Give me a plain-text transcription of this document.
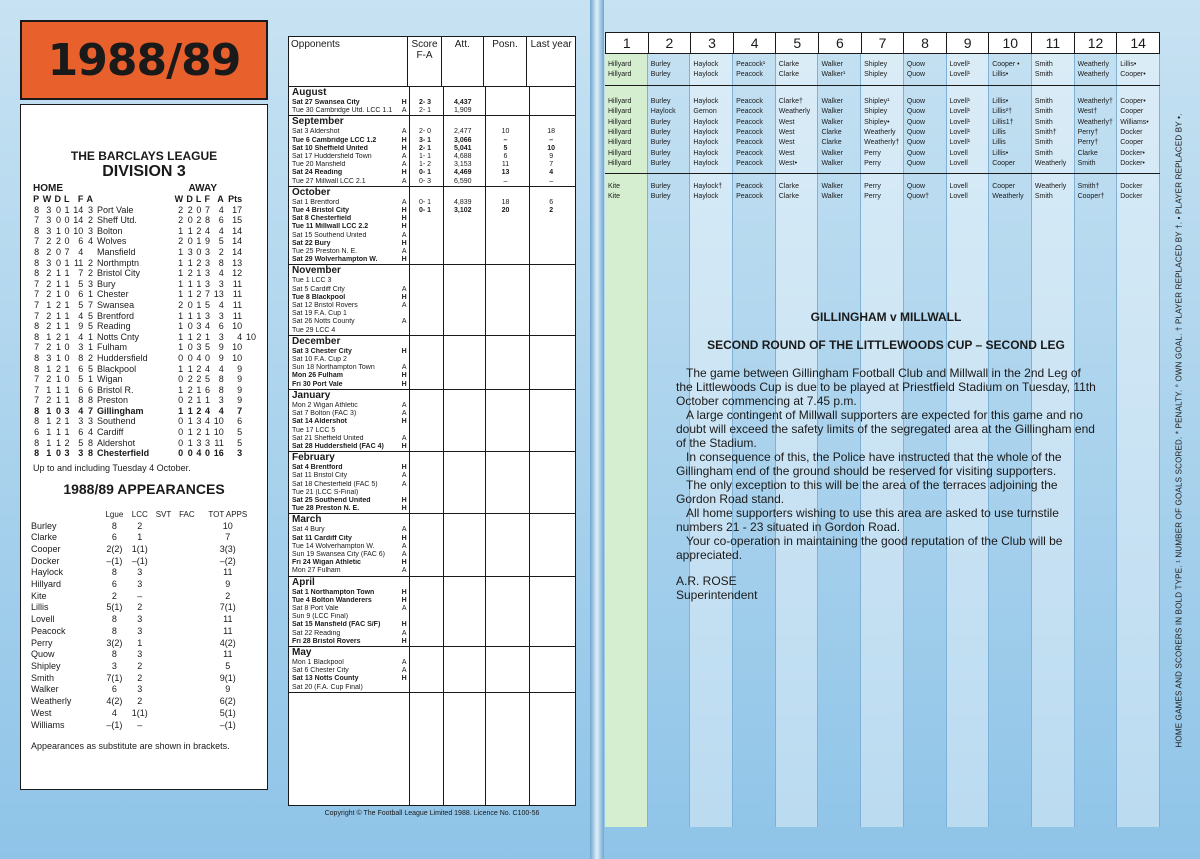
1988/89
THE BARCLAYS LEAGUE
DIVISION 3
HOME	AWAY
P	W	D	L	F	A		W	D	L	F	A	Pts	
8	3	0	1	14	3	Port Vale	2	2	0	7	4	17	
7	3	0	0	14	2	Sheff Utd.	2	0	2	8	6	15	
8	3	1	0	10	3	Bolton	1	1	2	4	4	14	
7	2	2	0	6	4	Wolves	2	0	1	9	5	14	
8	2	0	7	4		Mansfield	1	3	0	3	2	14	
8	3	0	1	11	2	Northmptn	1	1	2	3	8	13	
8	2	1	1	7	2	Bristol City	1	2	1	3	4	12	
7	2	1	1	5	3	Bury	1	1	1	3	3	11	
7	2	1	0	6	1	Chester	1	1	2	7	13	11	
7	1	2	1	5	7	Swansea	2	0	1	5	4	11	
7	2	1	1	4	5	Brentford	1	1	1	3	3	11	
8	2	1	1	9	5	Reading	1	0	3	4	6	10	
8	1	2	1	4	1	Notts Cnty	1	1	2	1	3	4	10
7	2	1	0	3	1	Fulham	1	0	3	5	9	10	
8	3	1	0	8	2	Huddersfield	0	0	4	0	9	10	
8	1	2	1	6	5	Blackpool	1	1	2	4	4	9	
7	2	1	0	5	1	Wigan	0	2	2	5	8	9	
7	1	1	1	6	6	Bristol R.	1	2	1	6	8	9	
7	2	1	1	8	8	Preston	0	2	1	1	3	9	
8	1	0	3	4	7	Gillingham	1	1	2	4	4	7	
8	1	2	1	3	3	Southend	0	1	3	4	10	6	
6	1	1	1	6	4	Cardiff	0	1	2	1	10	5	
8	1	1	2	5	8	Aldershot	0	1	3	3	11	5	
8	1	0	3	3	8	Chesterfield	0	0	4	0	16	3	
Up to and including Tuesday 4 October.
1988/89 APPEARANCES
	Lgue	LCC	SVT	FAC	TOT APPS
Burley	8	2			10
Clarke	6	1			7
Cooper	2(2)	1(1)			3(3)
Docker	–(1)	–(1)			–(2)
Haylock	8	3			11
Hillyard	6	3			9
Kite	2	–			2
Lillis	5(1)	2			7(1)
Lovell	8	3			11
Peacock	8	3			11
Perry	3(2)	1			4(2)
Quow	8	3			11
Shipley	3	2			5
Smith	7(1)	2			9(1)
Walker	6	3			9
Weatherly	4(2)	2			6(2)
West	4	1(1)			5(1)
Williams	–(1)	–			–(1)
Appearances as substitute are shown in brackets.
Opponents	Score F-A
Att.	Posn.	Last year
August
Sat 27 Swansea City	H	2- 3	4,437
Tue 30 Cambridge Utd. LCC 1.1	A	2- 1	1,909
September
Sat 3 Aldershot	A	2- 0	2,477	10	18
Tue 6 Cambridge LCC 1.2	H	3- 1	3,066	–	–
Sat 10 Sheffield United	H	2- 1	5,041	5	10
Sat 17 Huddersfield Town	A	1- 1	4,688	6	9
Tue 20 Mansfield	A	1- 2	3,153	11	7
Sat 24 Reading	H	0- 1	4,469	13	4
Tue 27 Millwall LCC 2.1	A	0- 3	6,590	–	–
October
Sat 1 Brentford	A	0- 1	4,839	18	6
Tue 4 Bristol City	H	0- 1	3,102	20	2
Sat 8 Chesterfield	H
Tue 11 Millwall LCC 2.2	H
Sat 15 Southend United	A
Sat 22 Bury	H
Tue 25 Preston N. E.	A
Sat 29 Wolverhampton W.	H
November
Tue 1 LCC 3
Sat 5 Cardiff City	A
Tue 8 Blackpool	H
Sat 12 Bristol Rovers	A
Sat 19 F.A. Cup 1
Sat 26 Notts County	A
Tue 29 LCC 4
December
Sat 3 Chester City	H
Sat 10 F.A. Cup 2
Sun 18 Northampton Town	A
Mon 26 Fulham	H
Fri 30 Port Vale	H
January
Mon 2 Wigan Athletic	A
Sat 7 Bolton (FAC 3)	A
Sat 14 Aldershot	H
Tue 17 LCC 5
Sat 21 Sheffield United	A
Sat 28 Huddersfield (FAC 4)	H
February
Sat 4 Brentford	H
Sat 11 Bristol City	A
Sat 18 Chesterfield (FAC 5)	A
Tue 21 (LCC S-Final)
Sat 25 Southend United	H
Tue 28 Preston N. E.	H
March
Sat 4 Bury	A
Sat 11 Cardiff City	H
Tue 14 Wolverhampton W.	A
Sun 19 Swansea City (FAC 6)	A
Fri 24 Wigan Athletic	H
Mon 27 Fulham	A
April
Sat 1 Northampton Town	H
Tue 4 Bolton Wanderers	H
Sat 8 Port Vale	A
Sun 9 (LCC Final)
Sat 15 Mansfield (FAC S/F)	H
Sat 22 Reading	A
Fri 28 Bristol Rovers	H
May
Mon 1 Blackpool	A
Sat 6 Chester City	A
Sat 13 Notts County	H
Sat 20 (F.A. Cup Final)
Copyright © The Football League Limited 1988. Licence No. C100-56
1	2	3	4	5	6	7	8	9	10	11	12	14
Hillyard	Burley	Haylock	Peacock¹	Clarke	Walker	Shipley	Quow	Lovell¹	Cooper •	Smith	Weatherly	Lillis•
Hillyard	Burley	Haylock	Peacock	Clarke	Walker¹	Shipley	Quow	Lovell¹	Lillis•	Smith	Weatherly	Cooper•
Hillyard	Burley	Haylock	Peacock	Clarke†	Walker	Shipley¹	Quow	Lovell¹	Lillis•	Smith	Weatherly†	Cooper•
Hillyard	Haylock	Gernon	Peacock	Weatherly	Walker	Shipley	Quow	Lovell¹	Lillis²†	Smith	West†	Cooper
Hillyard	Burley	Haylock	Peacock	West	Walker	Shipley•	Quow	Lovell¹	Lillis1†	Smith	Weatherly†	Williams•
Hillyard	Burley	Haylock	Peacock	West	Clarke	Weatherly	Quow	Lovell¹	Lillis	Smith†	Perry†	Docker
Hillyard	Burley	Haylock	Peacock	West	Clarke	Weatherly†	Quow	Lovell¹	Lillis	Smith	Perry†	Cooper
Hillyard	Burley	Haylock	Peacock	West	Walker	Perry	Quow	Lovell	Lillis•	Smith	Clarke	Docker•
Hillyard	Burley	Haylock	Peacock	West•	Walker	Perry	Quow	Lovell	Cooper	Weatherly	Smith	Docker•
Kite	Burley	Haylock†	Peacock	Clarke	Walker	Perry	Quow	Lovell	Cooper	Weatherly	Smith†	Docker
Kite	Burley	Haylock	Peacock	Clarke	Walker	Perry	Quow†	Lovell	Weatherly	Smith	Cooper†	Docker
GILLINGHAM v MILLWALL
SECOND ROUND OF THE LITTLEWOODS CUP – SECOND LEG

The game between Gillingham Football Club and Millwall in the 2nd Leg of the Littlewoods Cup is due to be played at Priestfield Stadium on Tuesday, 11th October commencing at 7.45 p.m.

A large contingent of Millwall supporters are expected for this game and no doubt will exceed the safety limits of the segregated area at the Gillingham end of the Stadium.

In consequence of this, the Police have instructed that the whole of the Gillingham end of the ground should be reserved for visiting supporters.

The only exception to this will be the area of the terraces adjoining the Gordon Road stand.

All home supporters wishing to use this area are asked to use turnstile numbers 21 - 23 situated in Gordon Road.

Your co-operation in maintaining the good reputation of the Club will be appreciated.

A.R. ROSE
Superintendent	HOME GAMES AND SCORERS IN BOLD TYPE. ¹ NUMBER OF GOALS SCORED. * PENALTY. ° OWN GOAL. † PLAYER REPLACED BY †. • PLAYER REPLACED BY •.
